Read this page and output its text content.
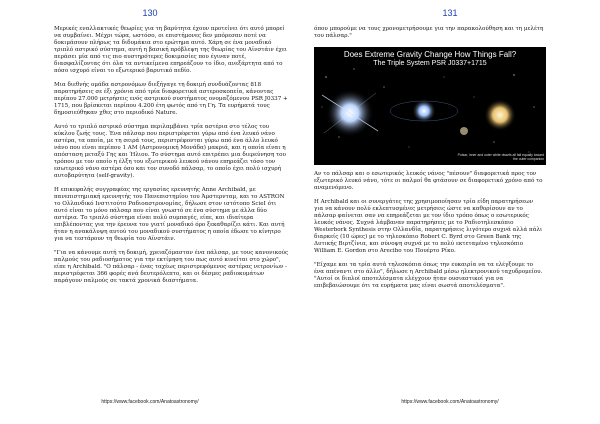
130

Μερικές εναλλακτικές θεωρίες για τη βαρύτητα έχουν προτείνει ότι αυτό μπορεί να συμβαίνει. Μέχρι τώρα, ωστόσο, οι επιστήμονες δεν μπόρεσαν ποτέ να δοκιμάσουν πλήρως τα διδυμάκια στο ερώτημα αυτό. Χάρη σε ένα μοναδικό τριπλό αστρικό σύστημα, αυτή η βασική πρόβλεψη της θεωρίας του Αϊνστάιν έχει περάσει μία από τις πιο αυστηρότερες δοκιμασίες που έγιναν ποτέ, διασφαλίζοντας ότι όλα τα αντικείμενα επηρεάζουν το ίδιο, ανεξάρτητα από το πόσο ισχυρό είναι το εξωτερικό βαρυτικό πεδίο.

Μια διεθνής ομάδα αστρονόμων διεξήγαγε τη δοκιμή συνδυάζοντας 818 παρατηρήσεις σε έξι χρόνια από τρία διαφορετικά αστεροσκοπεία, κάνοντας περίπου 27.000 μετρήσεις ενός αστρικού συστήματος ονομαζόμενου PSR J0337 + 1715, που βρίσκεται περίπου 4.200 έτη φωτός από τη Γη. Τα ευρήματά τους δημοσιεύθηκαν χθες στο περιοδικό Nature.

Αυτό το τριπλό αστρικό σύστημα περιλαμβάνει τρία αστέρια στο τέλος του κύκλου ζωής τους. Ένα πάλσαρ που περιστρέφεται γύρω από ένα λευκό νάνο αστέρα, τα οποία, με τη σειρά τους, περιστρέφονται γύρω από ένα άλλο λευκό νάνο που είναι περίπου 1 ΑΜ (Αστρονομική Μονάδα) μακριά, και η οποία είναι η απόσταση μεταξύ Γης και Ήλιου. Το σύστημα αυτό επιτρέπει μια διερεύνηση του τρόπου με τον οποίο η έλξη του εξωτερικού λευκού νάνου επηρεάζει τόσο τον εσωτερικό νάνο αστέρα όσο και τον συνοδό πάλσαρ, το οποίο έχει πολύ ισχυρή αυτοβαρύτητα (self-gravity).

Η επικεφαλής συγγραφέας της εργασίας ερευνητής Anne Archibald, με πανεπιστημιακή ερευνητής του Πανεπιστημίου του Άμστερνταμ, και το ASTRON το Ολλανδικό Ινστιτούτο Ραδιοαστρονομίας, δήλωσε στον ιστότοπο ScieI ότι αυτό είναι το μόνο πάλσαρ που είναι γνωστό σε ένα σύστημα με άλλα δύο αστέρια. Το τριπλό σύστημα είναι πολύ συμπαγές, είπε, και ιδιαίτερα επιβλέποντας για την έρευνα του γιατί μοναδικό όρο ξεκαθαρίζει κάτι. Και αυτή ήταν η ανακάλυψη αυτού του μοναδικού συστήματος η οποία έδωσε το κίνητρο για να τεστάρουν τη θεωρία του Αϊνστάιν.

"Για να κάνουμε αυτή τη δοκιμή, χρειαζόμασταν ένα πάλσαρ, με τους κανονικούς παλμούς του ραδιοσήματος για την εκτίμηση του πως αυτό κινείται στο χώρο", είπε η Archibald. "Ο πάλσαρ - ένας ταχέως περιστρεφόμενος αστέρας νετρονίων - περιστρέφεται 366 φορές ανά δευτερόλεπτο, και οι δέσμες ραδιοκυμάτων παράγουν παλμούς σε τακτά χρονικά διαστήματα.

https://www.facebook.com/Anatoastronomy/
131

όπου μπορούμε να τους χρονομετρήσουμε για την παρακολούθηση και τη μελέτη του πάλσαρ."

Does Extreme Gravity Change How Things Fall?
The Triple System PSR J0337+1715
Pulsar, inner and outer white dwarfs all fall equally toward the outer companion

Αν το πάλσαρ και ο εσωτερικός λευκός νάνος "πέσουν" διαφορετικά προς τον εξωτερικό λευκό νάνο, τότε οι παλμοί θα φτάσουν σε διαφορετικό χρόνο από το αναμενόμενο.

Η Archibald και οι συνεργάτες της χρησιμοποίησαν τρία είδη παρατηρήσεων για να κάνουν πολύ εκλεπτυσμένες μετρήσεις ώστε να καθορίσουν αν το πάλσαρ φαίνεται σαν να επηρεάζεται με τον ίδιο τρόπο όπως ο εσωτερικός λευκός νάνος. Συχνά λάμβαναν παρατηρήσεις με το Ραδιοτηλεσκόπιο Westerbork Synthesis στην Ολλανδία, παρατηρήσεις λιγότερο συχνά αλλά πάλι διαρκείς (10 ώρες) με το τηλεσκόπιο Robert C. Byrd στο Green Bank της Δυτικής Βιρτζίνια, και σύνοψη συχνά με το πολύ εκτεταμένο τηλεσκόπιο William E. Gordon στο Arecibo του Πουέρτο Ρίκο.

"Είχαμε και τα τρία αυτά τηλεσκόπια όπως την ευκαιρία να τα ελέγξουμε το ένα απέναντι στο άλλο", δήλωσε η Archibald μέσω ηλεκτρονικού ταχυδρομείου. "Αυτοί οι διπλοί αποτελέσματα ελέγχουν ήταν ουσιαστικοί για να επιβεβαιώσουμε ότι τα ευρήματα μας είναι σωστά αποτελέσματα".

https://www.facebook.com/Anatoastronomy/
